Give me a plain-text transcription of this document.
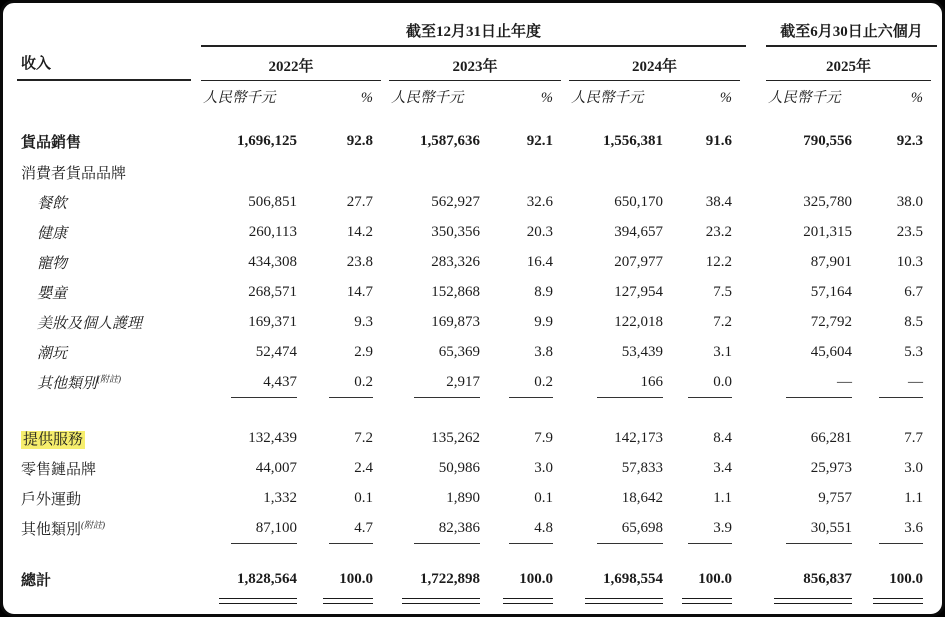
截至12月31日止年度	截至6月30日止六個月
收入	2022年	2023年	2024年	2025年
人民幣千元	%	人民幣千元	%	人民幣千元	%	人民幣千元	%
貨品銷售	1,696,125	92.8	1,587,636	92.1	1,556,381	91.6	790,556	92.3
消費者貨品品牌
餐飲	506,851	27.7	562,927	32.6	650,170	38.4	325,780	38.0
健康	260,113	14.2	350,356	20.3	394,657	23.2	201,315	23.5
寵物	434,308	23.8	283,326	16.4	207,977	12.2	87,901	10.3
嬰童	268,571	14.7	152,868	8.9	127,954	7.5	57,164	6.7
美妝及個人護理	169,371	9.3	169,873	9.9	122,018	7.2	72,792	8.5
潮玩	52,474	2.9	65,369	3.8	53,439	3.1	45,604	5.3
其他類別$^{(附註)}$	4,437	0.2	2,917	0.2	166	0.0	—	—
提供服務	132,439	7.2	135,262	7.9	142,173	8.4	66,281	7.7
零售鏈品牌	44,007	2.4	50,986	3.0	57,833	3.4	25,973	3.0
戶外運動	1,332	0.1	1,890	0.1	18,642	1.1	9,757	1.1
其他類別$^{(附註)}$	87,100	4.7	82,386	4.8	65,698	3.9	30,551	3.6
總計	1,828,564	100.0	1,722,898	100.0	1,698,554	100.0	856,837	100.0
